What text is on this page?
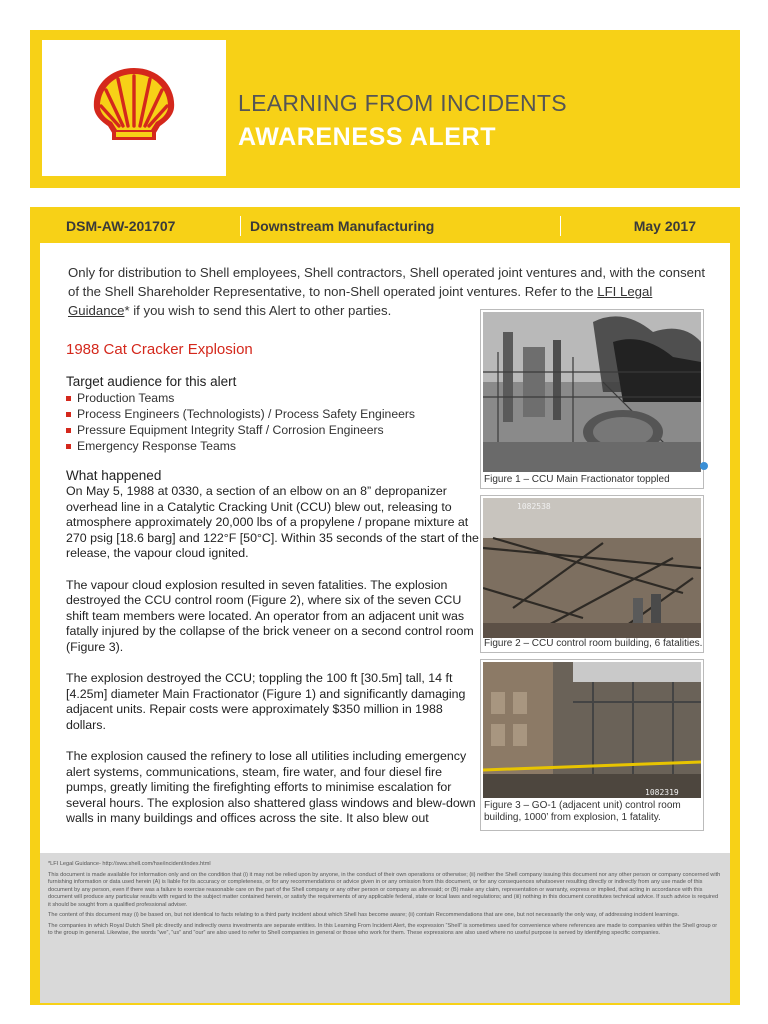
LEARNING FROM INCIDENTS
AWARENESS ALERT
DSM-AW-201707	Downstream Manufacturing	May 2017
Only for distribution to Shell employees, Shell contractors, Shell operated joint ventures and, with the consent of the Shell Shareholder Representative, to non-Shell operated joint ventures. Refer to the LFI Legal Guidance* if you wish to send this Alert to other parties.
1988 Cat Cracker Explosion
Target audience for this alert
Production Teams
Process Engineers (Technologists) / Process Safety Engineers
Pressure Equipment Integrity Staff / Corrosion Engineers
Emergency Response Teams
What happened

On May 5, 1988 at 0330, a section of an elbow on an 8” depropanizer overhead line in a Catalytic Cracking Unit (CCU) blew out, releasing to atmosphere approximately 20,000 lbs of a propylene / propane mixture at 270 psig [18.6 barg] and 122°F [50°C]. Within 35 seconds of the start of the release, the vapour cloud ignited.

The vapour cloud explosion resulted in seven fatalities. The explosion destroyed the CCU control room (Figure 2), where six of the seven CCU shift team members were located. An operator from an adjacent unit was fatally injured by the collapse of the brick veneer on a second control room (Figure 3).

The explosion destroyed the CCU; toppling the 100 ft [30.5m] tall, 14 ft [4.25m] diameter Main Fractionator (Figure 1) and significantly damaging adjacent units. Repair costs were approximately $350 million in 1988 dollars.

The explosion caused the refinery to lose all utilities including emergency alert systems, communications, steam, fire water, and four diesel fire pumps, greatly limiting the firefighting efforts to minimise escalation for several hours. The explosion also shattered glass windows and blew-down walls in many buildings and offices across the site. It also blew out

Figure 1 – CCU Main Fractionator toppled
1082538
Figure 2 – CCU control room building, 6 fatalities.
1082319
Figure 3 – GO-1 (adjacent unit) control room building, 1000’ from explosion, 1 fatality.

*LFI Legal Guidance- http://sww.shell.com/hse/incident/index.html

This document is made available for information only and on the condition that (i) it may not be relied upon by anyone, in the conduct of their own operations or otherwise; (ii) neither the Shell company issuing this document nor any other person or company concerned with furnishing information or data used herein (A) is liable for its accuracy or completeness, or for any recommendations or advice given in or any omission from this document, or for any consequences whatsoever resulting directly or indirectly from any use made of this document by any person, even if there was a failure to exercise reasonable care on the part of the Shell company or any other person or company as aforesaid; or (B) make any claim, representation or warranty, express or implied, that acting in accordance with this document will produce any particular results with regard to the subject matter contained herein, or satisfy the requirements of any applicable federal, state or local laws and regulations; and (iii) nothing in this document constitutes technical advice. If such advice is required it should be sought from a qualified professional adviser.

The content of this document may (i) be based on, but not identical to facts relating to a third party incident about which Shell has become aware; (ii) contain Recommendations that are one, but not necessarily the only way, of addressing incident learnings.

The companies in which Royal Dutch Shell plc directly and indirectly owns investments are separate entities. In this Learning From Incident Alert, the expression “Shell” is sometimes used for convenience where references are made to companies within the Shell group or to the group in general. Likewise, the words “we”, “us” and “our” are also used to refer to Shell companies in general or those who work for them. These expressions are also used where no useful purpose is served by identifying specific companies.
